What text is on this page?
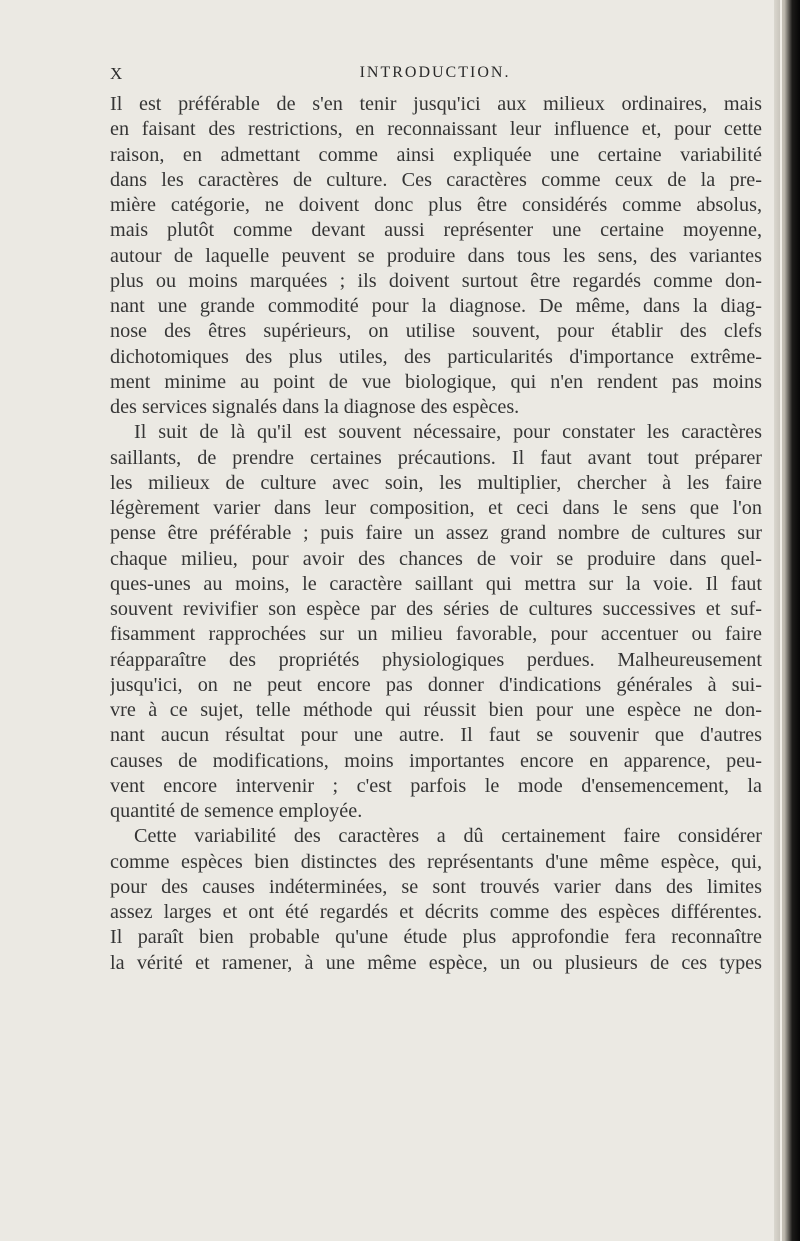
X	INTRODUCTION.
Il est préférable de s'en tenir jusqu'ici aux milieux ordinaires, mais
en faisant des restrictions, en reconnaissant leur influence et, pour cette
raison, en admettant comme ainsi expliquée une certaine variabilité
dans les caractères de culture. Ces caractères comme ceux de la pre-
mière catégorie, ne doivent donc plus être considérés comme absolus,
mais plutôt comme devant aussi représenter une certaine moyenne,
autour de laquelle peuvent se produire dans tous les sens, des variantes
plus ou moins marquées ; ils doivent surtout être regardés comme don-
nant une grande commodité pour la diagnose. De même, dans la diag-
nose des êtres supérieurs, on utilise souvent, pour établir des clefs
dichotomiques des plus utiles, des particularités d'importance extrême-
ment minime au point de vue biologique, qui n'en rendent pas moins
des services signalés dans la diagnose des espèces.
Il suit de là qu'il est souvent nécessaire, pour constater les caractères
saillants, de prendre certaines précautions. Il faut avant tout préparer
les milieux de culture avec soin, les multiplier, chercher à les faire
légèrement varier dans leur composition, et ceci dans le sens que l'on
pense être préférable ; puis faire un assez grand nombre de cultures sur
chaque milieu, pour avoir des chances de voir se produire dans quel-
ques-unes au moins, le caractère saillant qui mettra sur la voie. Il faut
souvent revivifier son espèce par des séries de cultures successives et suf-
fisamment rapprochées sur un milieu favorable, pour accentuer ou faire
réapparaître des propriétés physiologiques perdues. Malheureusement
jusqu'ici, on ne peut encore pas donner d'indications générales à sui-
vre à ce sujet, telle méthode qui réussit bien pour une espèce ne don-
nant aucun résultat pour une autre. Il faut se souvenir que d'autres
causes de modifications, moins importantes encore en apparence, peu-
vent encore intervenir ; c'est parfois le mode d'ensemencement, la
quantité de semence employée.
Cette variabilité des caractères a dû certainement faire considérer
comme espèces bien distinctes des représentants d'une même espèce, qui,
pour des causes indéterminées, se sont trouvés varier dans des limites
assez larges et ont été regardés et décrits comme des espèces différentes.
Il paraît bien probable qu'une étude plus approfondie fera reconnaître
la vérité et ramener, à une même espèce, un ou plusieurs de ces types
